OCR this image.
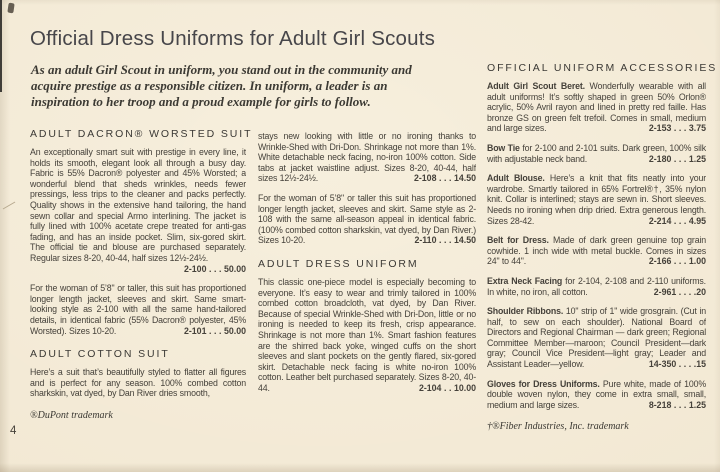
Official Dress Uniforms for Adult Girl Scouts

As an adult Girl Scout in uniform, you stand out in the community and acquire prestige as a responsible citizen. In uniform, a leader is an inspiration to her troop and a proud example for girls to follow.

ADULT DACRON® WORSTED SUIT

An exceptionally smart suit with prestige in every line, it holds its smooth, elegant look all through a busy day. Fabric is 55% Dacron® polyester and 45% Worsted; a wonderful blend that sheds wrinkles, needs fewer pressings, less trips to the cleaner and packs perfectly. Quality shows in the extensive hand tailoring, the hand sewn collar and special Armo interlining. The jacket is fully lined with 100% acetate crepe treated for anti-gas fading, and has an inside pocket. Slim, six-gored skirt. The official tie and blouse are purchased separately. Regular sizes 8-20, 40-44, half sizes 12½-24½.
2-100 . . . 50.00

For the woman of 5’8" or taller, this suit has proportioned longer length jacket, sleeves and skirt. Same smart-looking style as 2-100 with all the same hand-tailored details, in identical fabric (55% Dacron® polyester, 45% Worsted). Sizes 10-20.	2-101 . . . 50.00

ADULT COTTON SUIT

Here’s a suit that’s beautifully styled to flatter all figures and is perfect for any season. 100% combed cotton sharkskin, vat dyed, by Dan River dries smooth,

®DuPont trademark

stays new looking with little or no ironing thanks to Wrinkle-Shed with Dri-Don. Shrinkage not more than 1%. White detachable neck facing, no-iron 100% cotton. Side tabs at jacket waistline adjust. Sizes 8-20, 40-44, half sizes 12½-24½.	2-108 . . . 14.50

For the woman of 5’8" or taller this suit has proportioned longer length jacket, sleeves and skirt. Same style as 2-108 with the same all-season appeal in identical fabric. (100% combed cotton sharkskin, vat dyed, by Dan River.) Sizes 10-20.	2-110 . . . 14.50

ADULT DRESS UNIFORM

This classic one-piece model is especially becoming to everyone. It’s easy to wear and trimly tailored in 100% combed cotton broadcloth, vat dyed, by Dan River. Because of special Wrinkle-Shed with Dri-Don, little or no ironing is needed to keep its fresh, crisp appearance. Shrinkage is not more than 1%. Smart fashion features are the shirred back yoke, winged cuffs on the short sleeves and slant pockets on the gently flared, six-gored skirt. Detachable neck facing is white no-iron 100% cotton. Leather belt purchased separately. Sizes 8-20, 40-44.	2-104 . . 10.00

OFFICIAL UNIFORM ACCESSORIES

Adult Girl Scout Beret. Wonderfully wearable with all adult uniforms! It’s softly shaped in green 50% Orlon® acrylic, 50% Avril rayon and lined in pretty red faille. Has bronze GS on green felt trefoil. Comes in small, medium and large sizes.	2-153 . . . 3.75

Bow Tie for 2-100 and 2-101 suits. Dark green, 100% silk with adjustable neck band.	2-180 . . . 1.25

Adult Blouse. Here’s a knit that fits neatly into your wardrobe. Smartly tailored in 65% Fortrel®†, 35% nylon knit. Collar is interlined; stays are sewn in. Short sleeves. Needs no ironing when drip dried. Extra generous length. Sizes 28-42.	2-214 . . . 4.95

Belt for Dress. Made of dark green genuine top grain cowhide. 1 inch wide with metal buckle. Comes in sizes 24" to 44".	2-166 . . . 1.00

Extra Neck Facing for 2-104, 2-108 and 2-110 uniforms. In white, no iron, all cotton.	2-961 . . . .20

Shoulder Ribbons. 10" strip of 1" wide grosgrain. (Cut in half, to sew on each shoulder). National Board of Directors and Regional Chairman — dark green; Regional Committee Member—maroon; Council President—dark gray; Council Vice President—light gray; Leader and Assistant Leader—yellow.	14-350 . . . .15

Gloves for Dress Uniforms. Pure white, made of 100% double woven nylon, they come in extra small, small, medium and large sizes.	8-218 . . . 1.25

†®Fiber Industries, Inc. trademark

4
